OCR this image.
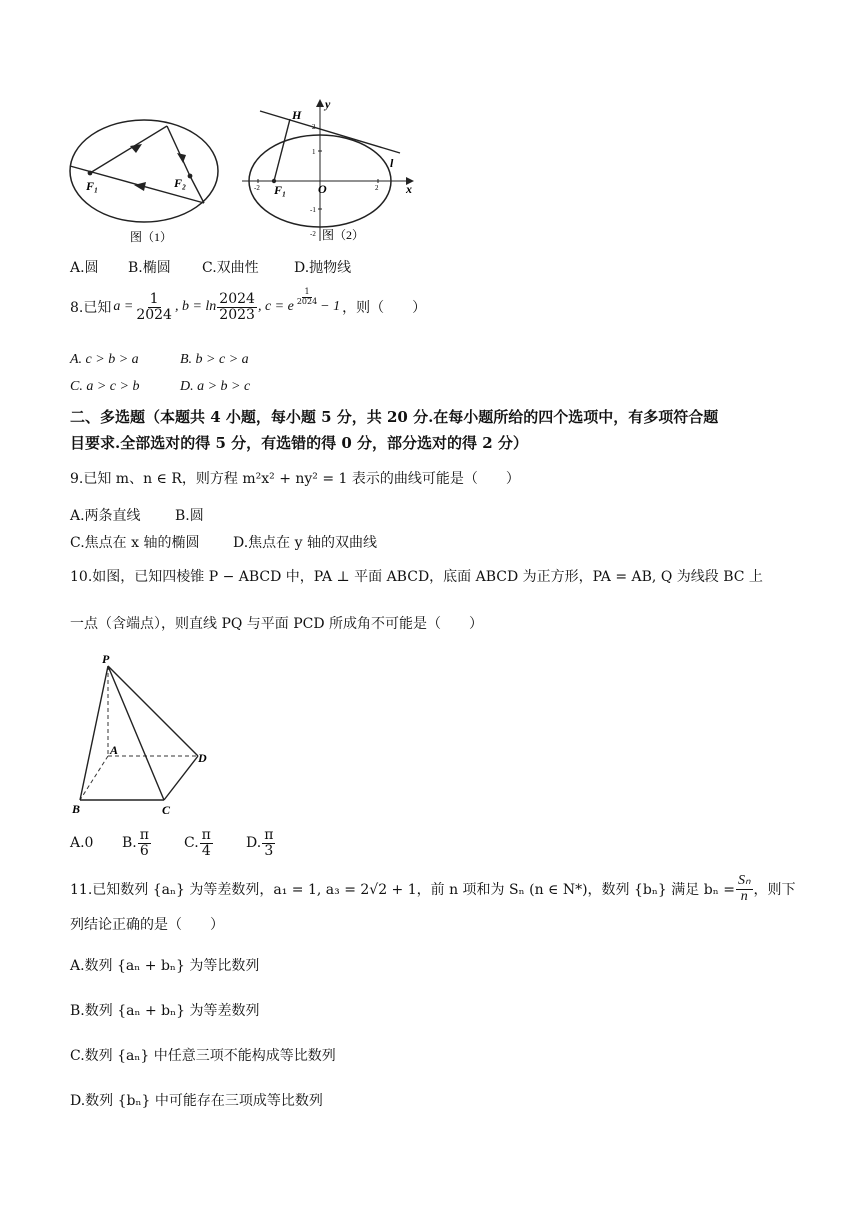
F₁	F₂
图（1）
H
y
x
O
F₁
l
2
1
-1
-2
-2	2
图（2）
A.圆 B.椭圆 C.双曲性	D.抛物线
8.已知 $a = \frac{1}{2024}$ , $b = \ln \frac{2024}{2023}$ , c = e
$\frac{1}{2024}$
− 1 ，则（　　）
A. c > b > a	B. b > c > a
C. a > c > b	D. a > b > c
二、多选题（本题共 4 小题，每小题 5 分，共 20 分.在每小题所给的四个选项中，有多项符合题
目要求.全部选对的得 5 分，有选错的得 0 分，部分选对的得 2 分）
9.已知 m、n ∈ R，则方程 m²x² + ny² = 1 表示的曲线可能是（　　）
A.两条直线 B.圆
C.焦点在 x 轴的椭圆 D.焦点在 y 轴的双曲线
10.如图，已知四棱锥 P − ABCD 中，PA ⊥ 平面 ABCD，底面 ABCD 为正方形，PA = AB, Q 为线段 BC 上
一点（含端点），则直线 PQ 与平面 PCD 所成角不可能是（　　）
P
A
B	C
D
A.0	B. $\frac{\pi}{6} C$. $\frac{\pi}{4} D$. $\frac{\pi}{3}$
11.已知数列 {aₙ} 为等差数列，a₁ = 1, a₃ = 2√2 + 1，前 n 项和为 Sₙ (n ∈ N*)，数列 {bₙ} 满足 $b_n = \frac{\text{Sₙ}}{n}$ ，则下
列结论正确的是（　　）
A.数列 {aₙ + bₙ} 为等比数列
B.数列 {aₙ + bₙ} 为等差数列
C.数列 {aₙ} 中任意三项不能构成等比数列
D.数列 {bₙ} 中可能存在三项成等比数列
